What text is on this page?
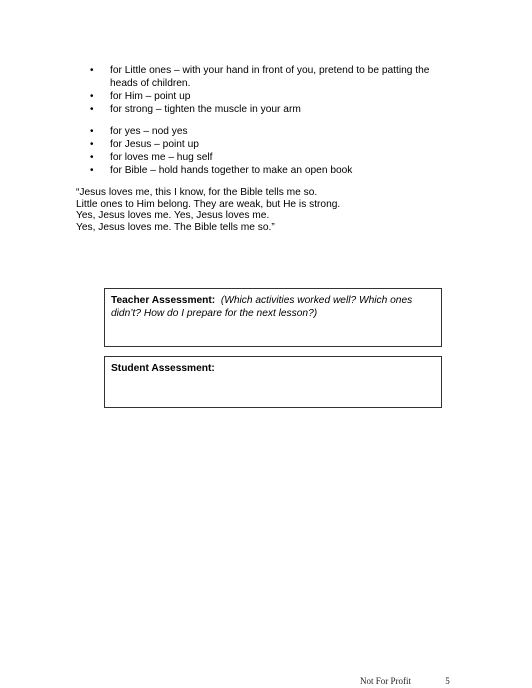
• for Little ones – with your hand in front of you, pretend to be patting the heads of children.
• for Him – point up
• for strong – tighten the muscle in your arm
• for yes – nod yes
• for Jesus – point up
• for loves me – hug self
• for Bible – hold hands together to make an open book
“Jesus loves me, this I know, for the Bible tells me so.
Little ones to Him belong. They are weak, but He is strong.
Yes, Jesus loves me. Yes, Jesus loves me.
Yes, Jesus loves me. The Bible tells me so.”
Teacher Assessment: (Which activities worked well? Which ones didn’t? How do I prepare for the next lesson?)
Student Assessment:
Not For Profit	5
